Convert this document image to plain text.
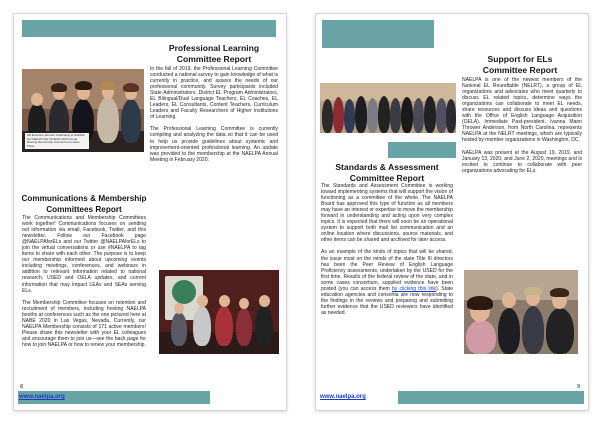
Professional Learning
Committee Report
OE Executive Member Celebrating at NAELPA the NAELPA Kick Off-ELPA 2019 Annual Meeting Membership Outreach Committee Photo

In the fall of 2019, the Professional Learning Committee conducted a national survey to gain knowledge of what is currently in practice, and assess the needs of our professional community. Survey participants included State Administrators, District EL Program Administrators, EL Bilingual/Dual Language Teachers, EL Coaches, EL Leaders, EL Consultants, Content Teachers, Curriculum Leaders and Faculty Researchers of Higher Institutions of Learning.

The Professional Learning Committee is currently compiling and analyzing the data so that it can be used to help us provide guidelines about systemic and improvement-oriented professional learning. An update was provided to the membership at the NAELPA Annual Meeting in February 2020.

Communications & Membership
Committees Report

The Communications and Membership Committees work together! Communications focuses on sending out information via email, Facebook, Twitter, and this newsletter. Follow our Facebook page @NAELPAforELs and our Twitter @NAELPAforELs to join the virtual conversations or use #NAELPA to tag items to share with each other. The purpose is to keep our membership informed about upcoming events including meetings, conferences, and webinars in addition to relevant information related to national research, USED and OELA updates, and current information that may impact LEAs and SEAs serving ELs.

The Membership Committee focuses on retention and recruitment of members, including hosting NAELPA booths at conferences such as the one pictured here at NABE 2020 in Las Vegas, Nevada. Currently, our NAELPA Membership consists of 171 active members! Please share this newsletter with your EL colleagues and encourage them to join us—see the back page for how to join NAELPA or how to renew your membership.

8
www.naelpa.org
Support for ELs
Committee Report

NAELPA is one of the newest members of the National EL Roundtable (NELRT), a group of EL organizations and advocates who meet quarterly to discuss EL related topics, determine ways the organizations can collaborate to meet EL needs, share resources and discuss ideas and questions with the Office of English Language Acquisition (OELA). Immediate Past-president, Ivanna Mann Thrower Anderson, from North Carolina, represents NAELPA at the NELRT meetings, which are typically hosted by member organizations in Washington, DC.

NAELPA was present at the August 19, 2019, and January 13, 2020, and June 2, 2020, meetings and is excited to continue to collaborate with peer organizations advocating for ELs.

Standards & Assessment
Committee Report

The Standards and Assessment Committee is working toward implementing systems that will support the vision of functioning as a committee of the whole. The NAELPA Board has approved this type of function as all members may have an interest or expertise to move the membership forward in understanding and acting upon very complex topics. It is expected that there will soon be an operational system to support both mail list communication and an online location where discussions, source materials, and other items can be shared and archived for later access.

As an example of the kinds of topics that will be shared, the issue most on the minds of the state Title III directors has been the Peer Review of English Language Proficiency assessments, undertaken by the USED for the first time. Results of the federal review of the state, and in some cases consortium, supplied evidence have been posted (you can access them by clicking this link). State education agencies and consortia are now responding to the findings in the reviews and preparing and submitting further evidence that the USED reviewers have identified as needed.

9
www.naelpa.org
